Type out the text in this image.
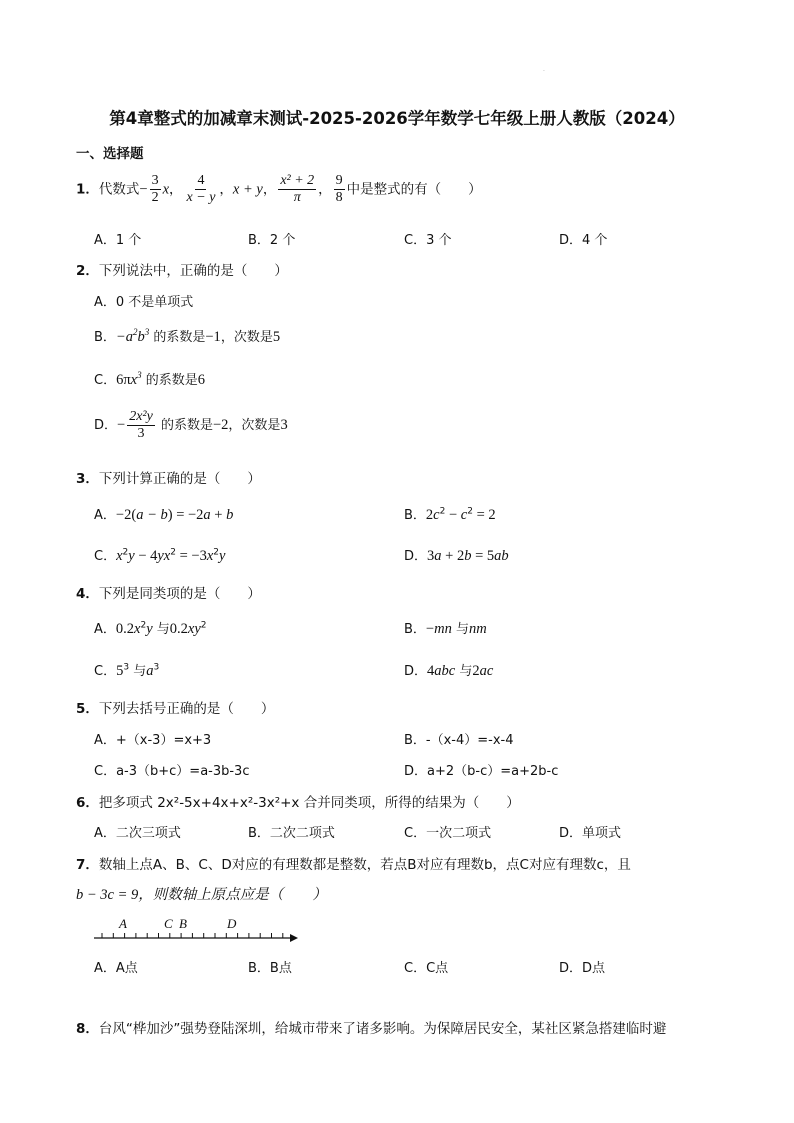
.
第4章整式的加减章末测试-2025-2026学年数学七年级上册人教版（2024）
一、选择题
1．代数式− $\frac{3}{2}$ x， $\frac{4}{x - y}$ ，x + y， $\frac{\text{x² + 2}}{\pi}$ ， $\frac{9}{8}$ 中是整式的有（　　）
A．1 个	B．2 个	C．3 个	D．4 个
2．下列说法中，正确的是（　　）
A．0 不是单项式
B．$-a^2b^3$ 的系数是−1，次数是5
C．$6\pi x^3$ 的系数是6
D．− $\frac{\text{2x²y}}{3}$ 的系数是−2，次数是3
3．下列计算正确的是（　　）
A．−2(a − b) = −2a + b	B．$2c^2 - c^2 = 2$
C．$x^2y - 4yx^2 = -3x^2y$	D．3a + 2b = 5ab
4．下列是同类项的是（　　）
A．$0.2x^2y$ 与$0.2xy^2$	B．−mn 与nm
C．$5^3$ 与$a^3$	D．4abc 与2ac
5．下列去括号正确的是（　　）
A．+（x-3）=x+3	B．-（x-4）=-x-4
C．a-3（b+c）=a-3b-3c	D．a+2（b-c）=a+2b-c
6．把多项式 2x²-5x+4x+x²-3x²+x 合并同类项，所得的结果为（　　）
A．二次三项式	B．二次二项式	C．一次二项式	D．单项式
7．数轴上点A、B、C、D对应的有理数都是整数，若点B对应有理数b，点C对应有理数c，且
b − 3c = 9，则数轴上原点应是（　　）
A	C B	D
A．A点	B．B点	C．C点	D．D点
8．台风“桦加沙”强势登陆深圳，给城市带来了诸多影响。为保障居民安全，某社区紧急搭建临时避
